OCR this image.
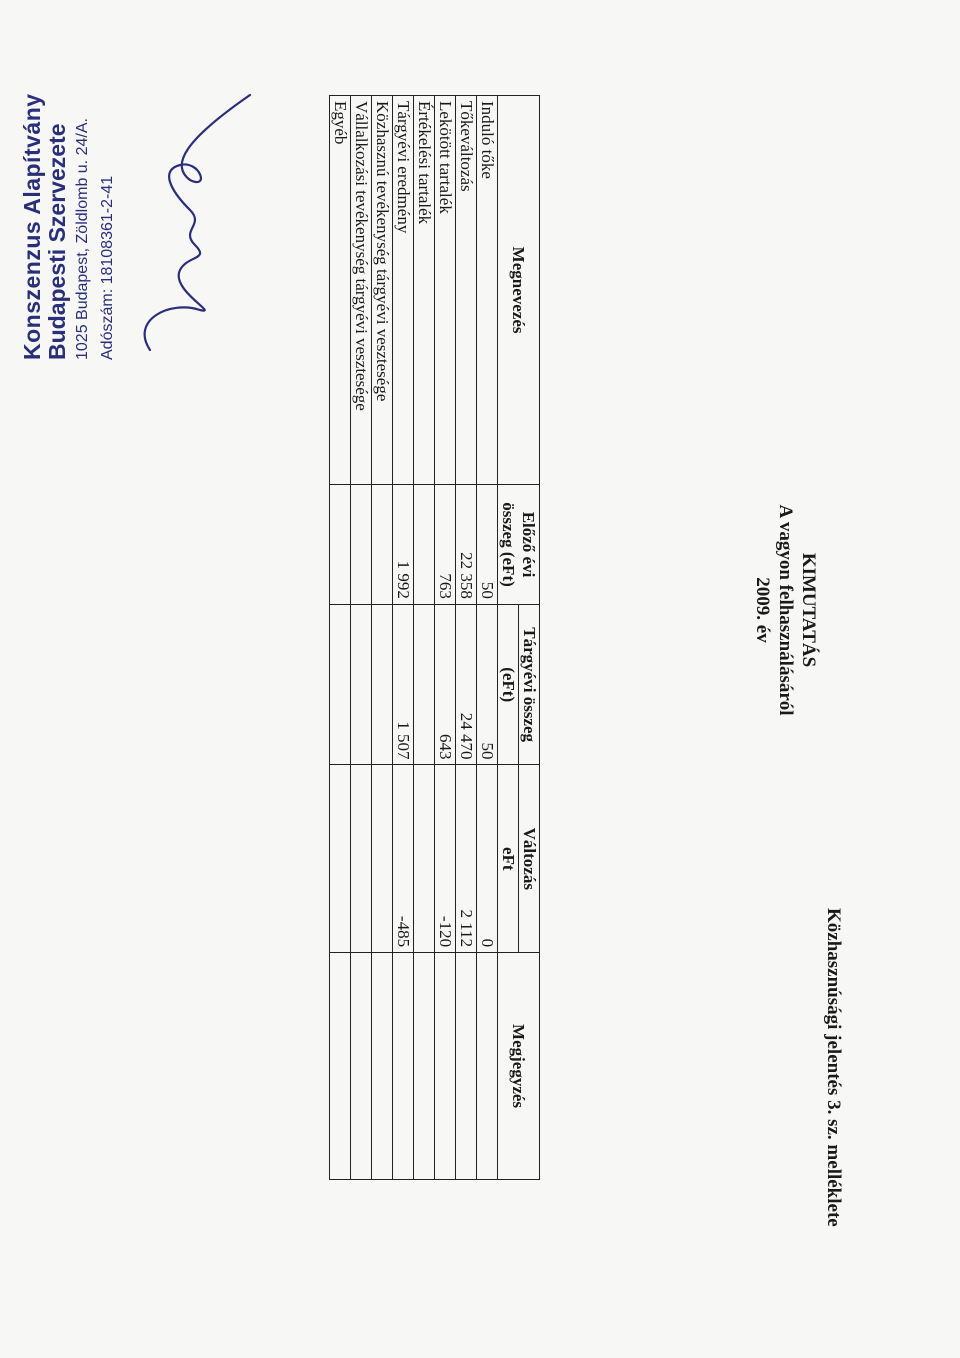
Közhasznúsági jelentés 3. sz. melléklete
KIMUTATÁS
A vagyon felhasználásáról
2009. év
Megnevezés	Előző évi összeg (eFt)	Tárgyévi összeg	Változás	Megjegyzés
		(eFt)	eFt	
Induló tőke	50	50	0	
Tőkeváltozás	22 358	24 470	2 112	
Lekötött tartalék	763	643	-120	
Értékelési tartalék				
Tárgyévi eredmény	1 992	1 507	-485	
Közhasznú tevékenység tárgyévi vesztesége				
Vállalkozási tevékenység tárgyévi vesztesége				
Egyéb				
Konszenzus Alapítvány Budapesti Szervezete 1025 Budapest, Zöldlomb u. 24/A. Adószám: 18108361-2-41
